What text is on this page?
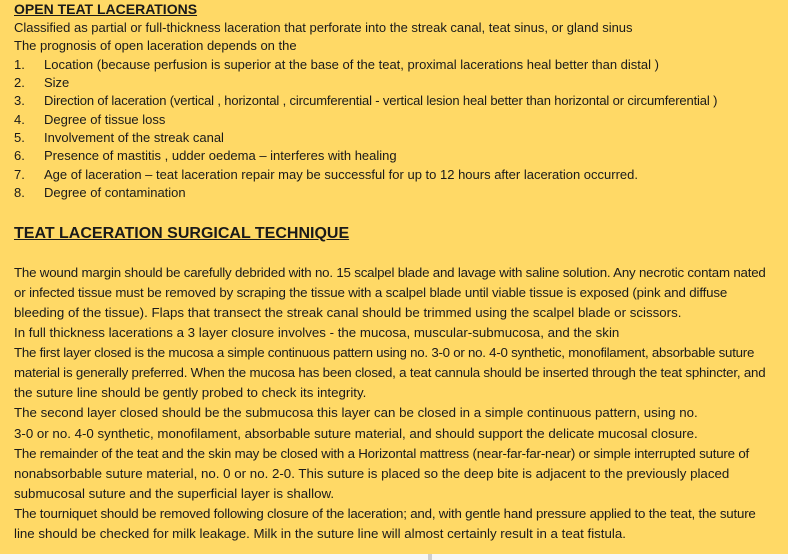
OPEN TEAT LACERATIONS
Classified as partial or full-thickness laceration that perforate into the streak canal, teat sinus, or gland sinus
The prognosis of open laceration depends on the
1. Location (because perfusion is superior at the base of the teat, proximal lacerations heal better than distal )
2. Size
3. Direction of laceration (vertical , horizontal , circumferential - vertical lesion heal better than horizontal or circumferential )
4. Degree of tissue loss
5. Involvement of the streak canal
6. Presence of mastitis , udder oedema – interferes with healing
7. Age of laceration – teat laceration repair may be successful for up to 12 hours after laceration occurred.
8. Degree of contamination
TEAT LACERATION SURGICAL TECHNIQUE
The wound margin should be carefully debrided with no. 15 scalpel blade and lavage with saline solution. Any necrotic contam nated
or infected tissue must be removed by scraping the tissue with a scalpel blade until viable tissue is exposed (pink and diffuse
bleeding of the tissue). Flaps that transect the streak canal should be trimmed using the scalpel blade or scissors.
In full thickness lacerations a 3 layer closure involves - the mucosa, muscular-submucosa, and the skin
The first layer closed is the mucosa a simple continuous pattern using no. 3-0 or no. 4-0 synthetic, monofilament, absorbable suture
material is generally preferred. When the mucosa has been closed, a teat cannula should be inserted through the teat sphincter, and
the suture line should be gently probed to check its integrity.
The second layer closed should be the submucosa this layer can be closed in a simple continuous pattern, using no.
3-0 or no. 4-0 synthetic, monofilament, absorbable suture material, and should support the delicate mucosal closure.
The remainder of the teat and the skin may be closed with a Horizontal mattress (near-far-far-near) or simple interrupted suture of
nonabsorbable suture material, no. 0 or no. 2-0. This suture is placed so the deep bite is adjacent to the previously placed
submucosal suture and the superficial layer is shallow.
The tourniquet should be removed following closure of the laceration; and, with gentle hand pressure applied to the teat, the suture
line should be checked for milk leakage. Milk in the suture line will almost certainly result in a teat fistula.
